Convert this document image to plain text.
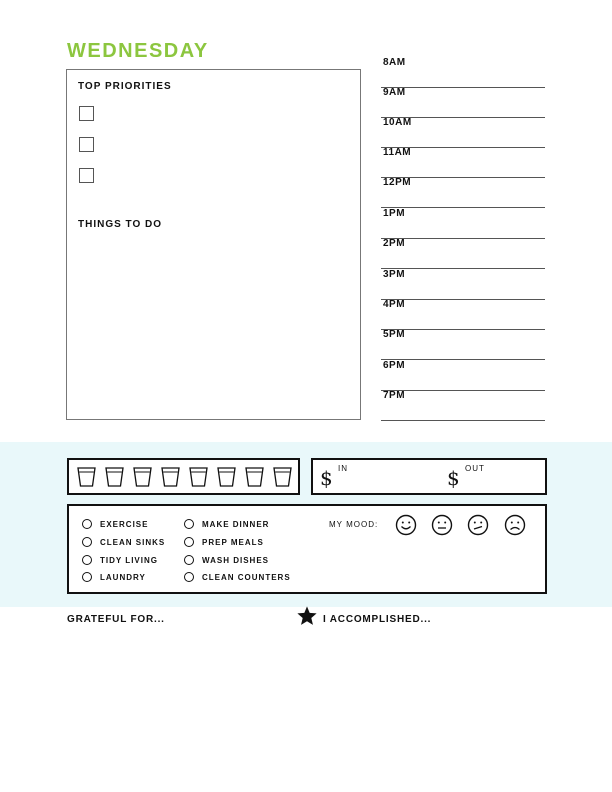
WEDNESDAY
TOP PRIORITIES
THINGS TO DO
8AM
9AM
10AM
11AM
12PM
1PM
2PM
3PM
4PM
5PM
6PM
7PM
$ IN	$ OUT
EXERCISE
CLEAN SINKS
TIDY LIVING
LAUNDRY
MAKE DINNER
PREP MEALS
WASH DISHES
CLEAN COUNTERS
MY MOOD:
GRATEFUL FOR...	I ACCOMPLISHED...
